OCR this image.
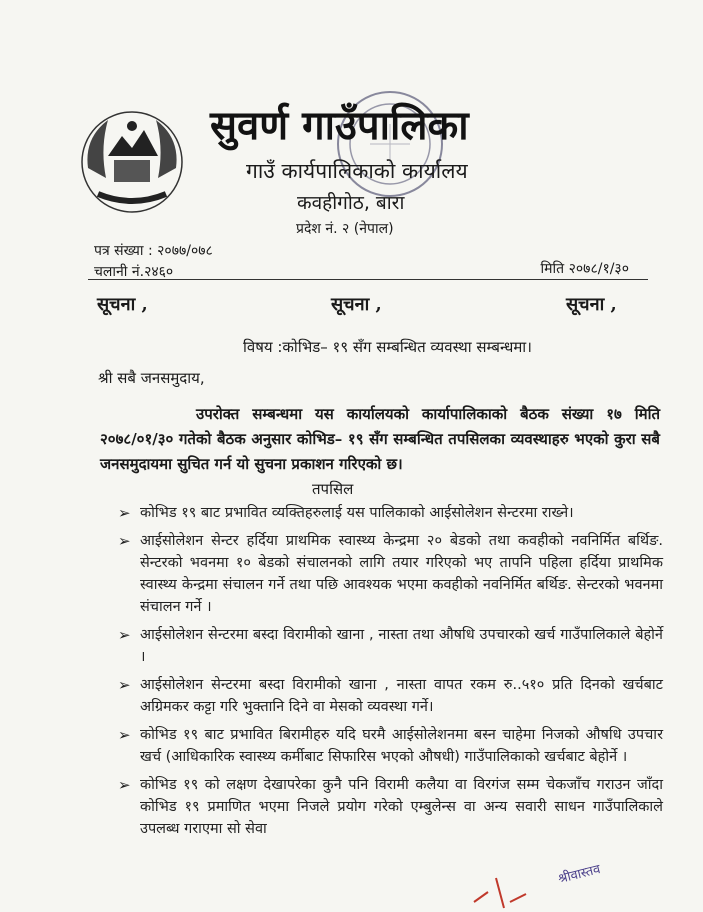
सुवर्ण गाउँपालिका
गाउँ कार्यपालिकाको कार्यालय
कवहीगोठ, बारा
प्रदेश नं. २ (नेपाल)
पत्र संख्या : २०७७/०७८
चलानी नं.२४६०	मिति २०७८/१/३०
सूचना ,	सूचना ,	सूचना ,
विषय :कोभिड– १९ सँग सम्बन्धित व्यवस्था सम्बन्धमा।
श्री सबै जनसमुदाय,
उपरोक्त सम्बन्धमा यस कार्यालयको कार्यापालिकाको बैठक संख्या १७ मिति २०७८/०१/३० गतेको बैठक अनुसार कोभिड– १९ सँग सम्बन्धित तपसिलका व्यवस्थाहरु भएको कुरा सबै जनसमुदायमा सुचित गर्न यो सुचना प्रकाशन गरिएको छ।
तपसिल
➢ कोभिड १९ बाट प्रभावित व्यक्तिहरुलाई यस पालिकाको आईसोलेशन सेन्टरमा राख्ने।
➢ आईसोलेशन सेन्टर हर्दिया प्राथमिक स्वास्थ्य केन्द्रमा २० बेडको तथा कवहीको नवनिर्मित बर्थिङ. सेन्टरको भवनमा १० बेडको संचालनको लागि तयार गरिएको भए तापनि पहिला हर्दिया प्राथमिक स्वास्थ्य केन्द्रमा संचालन गर्ने तथा पछि आवश्यक भएमा कवहीको नवनिर्मित बर्थिङ. सेन्टरको भवनमा संचालन गर्ने ।
➢ आईसोलेशन सेन्टरमा बस्दा विरामीको खाना , नास्ता तथा औषधि उपचारको खर्च गाउँपालिकाले बेहोर्ने ।
➢ आईसोलेशन सेन्टरमा बस्दा विरामीको खाना , नास्ता वापत रकम रु..५१० प्रति दिनको खर्चबाट अग्रिमकर कट्टा गरि भुक्तानि दिने वा मेसको व्यवस्था गर्ने।
➢ कोभिड १९ बाट प्रभावित बिरामीहरु यदि घरमै आईसोलेशनमा बस्न चाहेमा निजको औषधि उपचार खर्च (आधिकारिक स्वास्थ्य कर्मीबाट सिफारिस भएको औषधी) गाउँपालिकाको खर्चबाट बेहोर्ने ।
➢ कोभिड १९ को लक्षण देखापरेका कुनै पनि विरामी कलैया वा विरगंज सम्म चेकजाँच गराउन जाँदा कोभिड १९ प्रमाणित भएमा निजले प्रयोग गरेको एम्बुलेन्स वा अन्य सवारी साधन गाउँपालिकाले उपलब्ध गराएमा सो सेवा
श्रीवास्तव
